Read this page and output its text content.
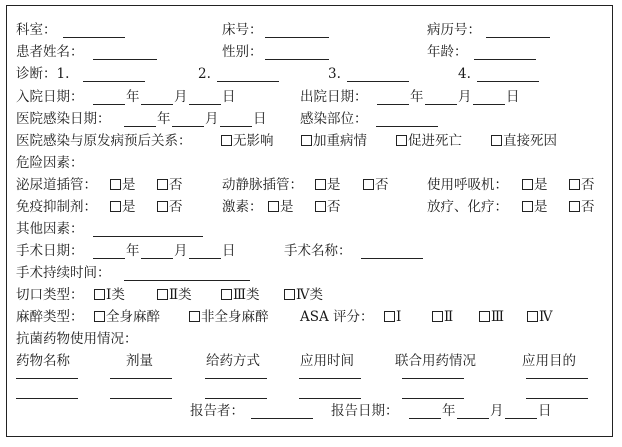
科室：	床号：	病历号：
患者姓名：	性别：	年龄：
诊断：1.	2.	3.	4.
入院日期：	年	月	日	出院日期：	年	月	日
医院感染日期：	年	月	日 感染部位：
医院感染与原发病预后关系：	无影响	加重病情	促进死亡	直接死因
危险因素：
泌尿道插管：	是	否	动静脉插管：	是	否	使用呼吸机：	是	否
免疫抑制剂：	是	否	激素：	是	否	放疗、化疗：	是	否
其他因素：
手术日期：	年	月	日	手术名称：
手术持续时间：
切口类型：	Ⅰ类	Ⅱ类	Ⅲ类	Ⅳ类
麻醉类型：	全身麻醉	非全身麻醉 ASA 评分：	Ⅰ	Ⅱ	Ⅲ	Ⅳ
抗菌药物使用情况：
药物名称	剂量	给药方式	应用时间	联合用药情况	应用目的
报告者：	报告日期：	年	月	日
